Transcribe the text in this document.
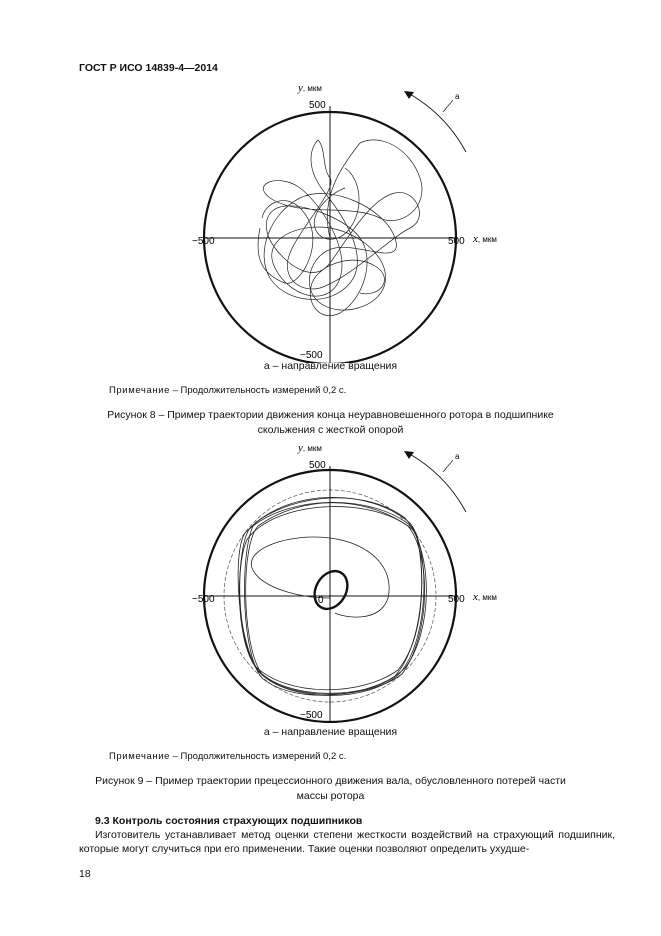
ГОСТ Р ИСО 14839-4—2014
a
y, мкм
x, мкм
500
−500
500
−500
а – направление вращения
Примечание – Продолжительность измерений 0,2 с.
Рисунок 8 – Пример траектории движения конца неуравновешенного ротора в подшипнике
скольжения с жесткой опорой
a
y, мкм
x, мкм
500
−500
500
−500	0
а – направление вращения
Примечание – Продолжительность измерений 0,2 с.
Рисунок 9 – Пример траектории прецессионного движения вала, обусловленного потерей части
массы ротора
9.3 Контроль состояния страхующих подшипников
Изготовитель устанавливает метод оценки степени жесткости воздействий на страхующий подшипник, которые могут случиться при его применении. Такие оценки позволяют определить ухудше-
18
